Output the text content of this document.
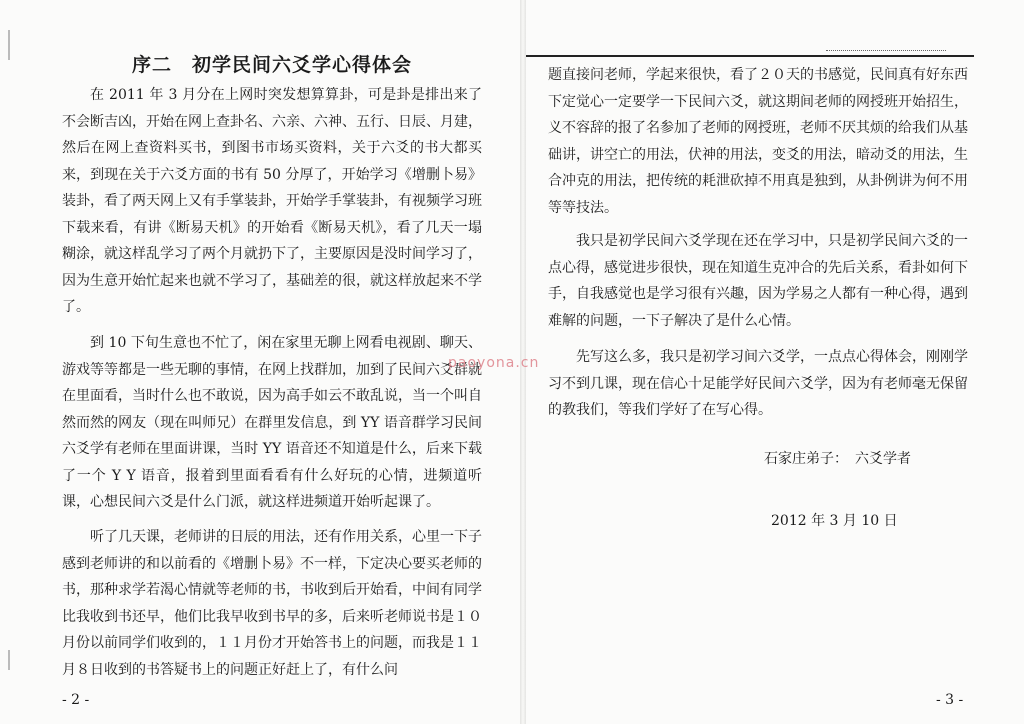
序二　初学民间六爻学心得体会

在 2011 年 3 月分在上网时突发想算算卦，可是卦是排出来了不会断吉凶，开始在网上查卦名、六亲、六神、五行、日辰、月建，然后在网上查资料买书，到图书市场买资料，关于六爻的书大都买来，到现在关于六爻方面的书有 50 分厚了，开始学习《增删卜易》装卦，看了两天网上又有手掌装卦，开始学手掌装卦，有视频学习班下载来看，有讲《断易天机》的开始看《断易天机》，看了几天一塌糊涂，就这样乱学习了两个月就扔下了，主要原因是没时间学习了，因为生意开始忙起来也就不学习了，基础差的很，就这样放起来不学了。

到 10 下旬生意也不忙了，闲在家里无聊上网看电视剧、聊天、游戏等等都是一些无聊的事情，在网上找群加，加到了民间六爻群就在里面看，当时什么也不敢说，因为高手如云不敢乱说，当一个叫自然而然的网友（现在叫师兄）在群里发信息，到 YY 语音群学习民间六爻学有老师在里面讲课，当时 YY 语音还不知道是什么，后来下载了一个 Y Y 语音，报着到里面看看有什么好玩的心情，进频道听课，心想民间六爻是什么门派，就这样进频道开始听起课了。

听了几天课，老师讲的日辰的用法，还有作用关系，心里一下子感到老师讲的和以前看的《增删卜易》不一样，下定决心要买老师的书，那种求学若渴心情就等老师的书，书收到后开始看，中间有同学比我收到书还早，他们比我早收到书早的多，后来听老师说书是１０月份以前同学们收到的，１１月份才开始答书上的问题，而我是１１月８日收到的书答疑书上的问题正好赶上了，有什么问

- 2 -

题直接问老师，学起来很快，看了２０天的书感觉，民间真有好东西下定觉心一定要学一下民间六爻，就这期间老师的网授班开始招生，义不容辞的报了名参加了老师的网授班，老师不厌其烦的给我们从基础讲，讲空亡的用法，伏神的用法，变爻的用法，暗动爻的用法，生合冲克的用法，把传统的耗泄砍掉不用真是独到，从卦例讲为何不用等等技法。

我只是初学民间六爻学现在还在学习中，只是初学民间六爻的一点心得，感觉进步很快，现在知道生克冲合的先后关系，看卦如何下手，自我感觉也是学习很有兴趣，因为学易之人都有一种心得，遇到难解的问题，一下子解决了是什么心情。

先写这么多，我只是初学习间六爻学，一点点心得体会，刚刚学习不到几课，现在信心十足能学好民间六爻学，因为有老师毫无保留的教我们，等我们学好了在写心得。

石家庄弟子：　六爻学者
2012 年 3 月 10 日
- 3 -
paoyona.cn
